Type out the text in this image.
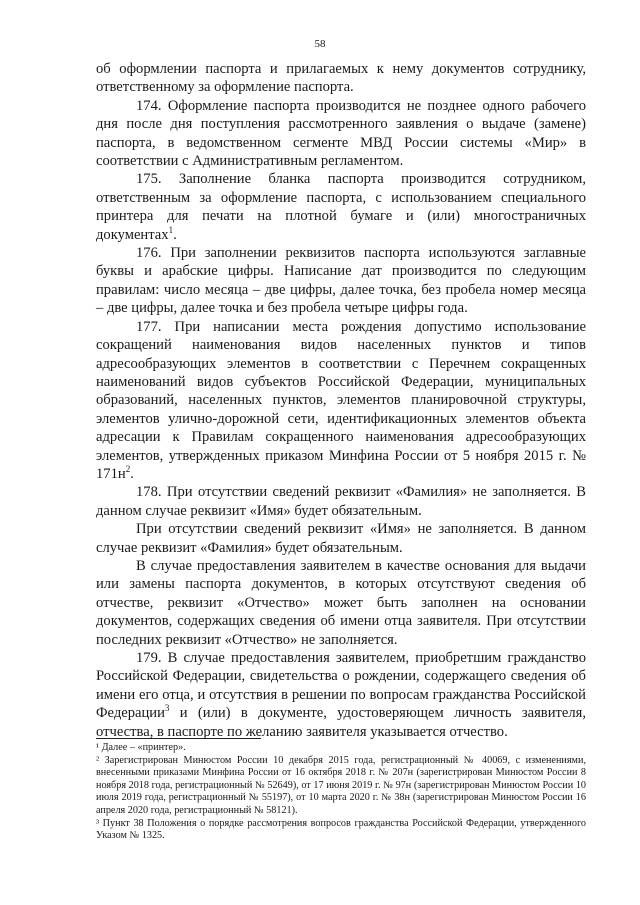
58

об оформлении паспорта и прилагаемых к нему документов сотруднику, ответственному за оформление паспорта.

174. Оформление паспорта производится не позднее одного рабочего дня после дня поступления рассмотренного заявления о выдаче (замене) паспорта, в ведомственном сегменте МВД России системы «Мир» в соответствии с Административным регламентом.

175. Заполнение бланка паспорта производится сотрудником, ответственным за оформление паспорта, с использованием специального принтера для печати на плотной бумаге и (или) многостраничных документах$^1$.

176. При заполнении реквизитов паспорта используются заглавные буквы и арабские цифры. Написание дат производится по следующим правилам: число месяца – две цифры, далее точка, без пробела номер месяца – две цифры, далее точка и без пробела четыре цифры года.

177. При написании места рождения допустимо использование сокращений наименования видов населенных пунктов и типов адресообразующих элементов в соответствии с Перечнем сокращенных наименований видов субъектов Российской Федерации, муниципальных образований, населенных пунктов, элементов планировочной структуры, элементов улично-дорожной сети, идентификационных элементов объекта адресации к Правилам сокращенного наименования адресообразующих элементов, утвержденных приказом Минфина России от 5 ноября 2015 г. № $171н^2$.

178. При отсутствии сведений реквизит «Фамилия» не заполняется. В данном случае реквизит «Имя» будет обязательным.

При отсутствии сведений реквизит «Имя» не заполняется. В данном случае реквизит «Фамилия» будет обязательным.

В случае предоставления заявителем в качестве основания для выдачи или замены паспорта документов, в которых отсутствуют сведения об отчестве, реквизит «Отчество» может быть заполнен на основании документов, содержащих сведения об имени отца заявителя. При отсутствии последних реквизит «Отчество» не заполняется.

179. В случае предоставления заявителем, приобретшим гражданство Российской Федерации, свидетельства о рождении, содержащего сведения об имени его отца, и отсутствия в решении по вопросам гражданства Российской Федерации$^3$ и (или) в документе, удостоверяющем личность заявителя, отчества, в паспорте по желанию заявителя указывается отчество.

¹ Далее – «принтер».

² Зарегистрирован Минюстом России 10 декабря 2015 года, регистрационный № 40069, с изменениями, внесенными приказами Минфина России от 16 октября 2018 г. № 207н (зарегистрирован Минюстом России 8 ноября 2018 года, регистрационный № 52649), от 17 июня 2019 г. № 97н (зарегистрирован Минюстом России 10 июля 2019 года, регистрационный № 55197), от 10 марта 2020 г. № 38н (зарегистрирован Минюстом России 16 апреля 2020 года, регистрационный № 58121).

³ Пункт 38 Положения о порядке рассмотрения вопросов гражданства Российской Федерации, утвержденного Указом № 1325.
